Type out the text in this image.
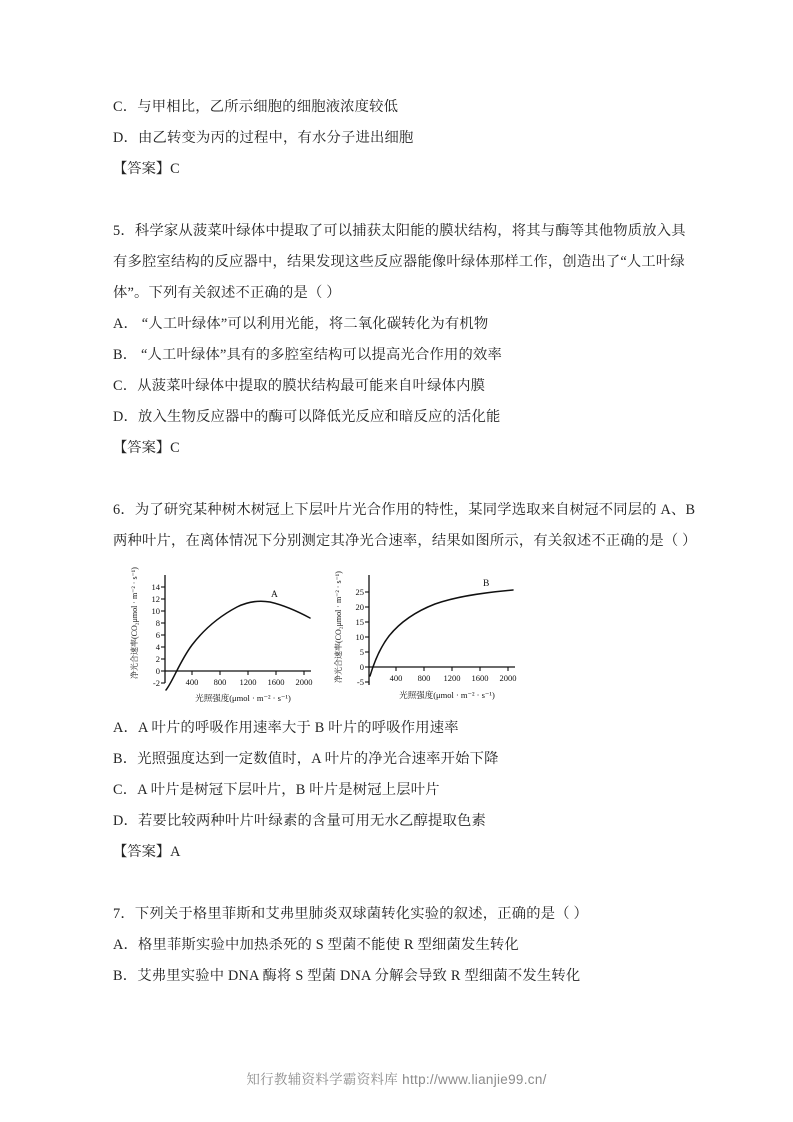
C．与甲相比，乙所示细胞的细胞液浓度较低
D．由乙转变为丙的过程中，有水分子进出细胞
【答案】C
5．科学家从菠菜叶绿体中提取了可以捕获太阳能的膜状结构，将其与酶等其他物质放入具
有多腔室结构的反应器中，结果发现这些反应器能像叶绿体那样工作，创造出了“人工叶绿
体”。下列有关叙述不正确的是（ ）
A． “人工叶绿体”可以利用光能，将二氧化碳转化为有机物
B． “人工叶绿体”具有的多腔室结构可以提高光合作用的效率
C．从菠菜叶绿体中提取的膜状结构最可能来自叶绿体内膜
D．放入生物反应器中的酶可以降低光反应和暗反应的活化能
【答案】C
6．为了研究某种树木树冠上下层叶片光合作用的特性，某同学选取来自树冠不同层的 A、B
两种叶片，在离体情况下分别测定其净光合速率，结果如图所示，有关叙述不正确的是（ ）
-2
0
2
4
6
8
10
12
14
400 800 1200 1600 2000
A
净光合速率(CO₂μmol · m⁻² · s⁻¹)
光照强度(μmol · m⁻² · s⁻¹)
-5
0
5
10
15
20
25
400 800 1200 1600 2000
B
净光合速率(CO₂μmol · m⁻² · s⁻¹)
光照强度(μmol · m⁻² · s⁻¹)
A．A 叶片的呼吸作用速率大于 B 叶片的呼吸作用速率
B．光照强度达到一定数值时，A 叶片的净光合速率开始下降
C．A 叶片是树冠下层叶片，B 叶片是树冠上层叶片
D．若要比较两种叶片叶绿素的含量可用无水乙醇提取色素
【答案】A
7．下列关于格里菲斯和艾弗里肺炎双球菌转化实验的叙述，正确的是（ ）
A．格里菲斯实验中加热杀死的 S 型菌不能使 R 型细菌发生转化
B．艾弗里实验中 DNA 酶将 S 型菌 DNA 分解会导致 R 型细菌不发生转化
知行教辅资料学霸资料库 http://www.lianjie99.cn/
